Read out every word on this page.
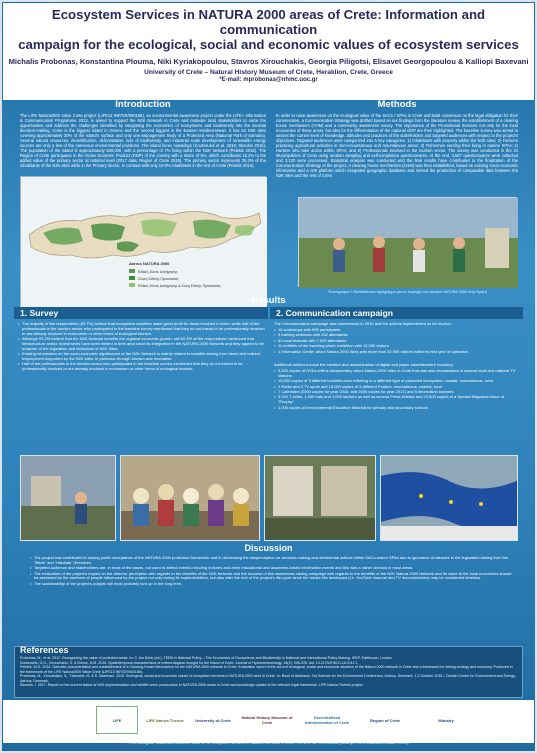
Ecosystem Services in NATURA 2000 areas of Crete: Information and communication
campaign for the ecological, social and economic values of ecosystem services
Michalis Probonas, Konstantina Plouma, Niki Kyriakopoulou, Stavros Xirouchakis, Georgia Piligotsi, Elisavet Georgopoulou & Kalliopi Baxevani
University of Crete – Natural History Museum of Crete, Heraklion, Crete, Greece
*E-mail: mprobonas@nhmc.uoc.gr
Introduction
The LIFE Natura2000 Value Crete project (LIFE13 INF/GR/000188), an environmental awareness project under the LIFE+ Information & Communication Programme 2013, is aimed to support the N2K Network in Crete and motivate local stakeholders to seize the opportunities and address the challenges identified by integrating the economics of ecosystems and biodiversity into the societal decision-making. Crete is the biggest island in Greece and the second biggest in the Eastern Mediterranean. It has 53 N2K sites covering approximately 30% of the island's surface and only one Management Body of a Protected Area (National Park of Samaria). Several natural resources, desertification, deforestation, loss of biodiversity, and industrial scale development of renewable energy sources are only a few of the numerous environmental problems. The island faces nowadays (Koutsoukis et al. 2016; Skoulos 2015). The population of the island is approximately 630,000, with a percentage of 7% living within the N2K Network (Pelekis 2016). The Region of Crete participates in the Gross Domestic Product (GDP) of the country with a share of 5%, which contributes 15.2% to the added value of the primary sector at national level (2017 data; Region of Crete 2015). The primary sector represents 35.2% of the inhabitants of the N2K sites while in the Primary Sector, in contrast with only 10.8% inhabitants in the rest of Crete (Pelekis 2016).
Δίκτυο NATURA 2000
Ειδικές Ζώνες Διατήρησης
Ζώνες Ειδικής Προστασίας
Ειδικές Ζώνες Διατήρησης & Ζώνη Ειδικής Προστασίας
Methods
In order to raise awareness on the ecological value of the SACs / SPAs in Crete and build consensus on the legal obligation for their conservation, a Communication Strategy was drafted based on our findings from the literature review, the establishment of a clearing house mechanism (CHM) and a community awareness survey. The importance of the Promotional Services not only for the local economies of these areas, but also for the differentiation of the national GDP are then highlighted. The baseline survey was aimed to assess the current level of knowledge, attitudes and practices of the stakeholders and targeted audiences with respect to the project's objectives. Targeted audiences were categorized into 5 key categories: 1) Inhabitants with property within the N2K sites; 2) Farmers practicing agricultural activities in semi-mountainous and mountainous areas; 3) Fishermen earning their living in marine SPAs; 4) Hunters who take action within SPAs; and 5) Professionals involved in the tourism sector. The survey was conducted in the 24 Municipalities of Crete using random sampling and self-completion questionnaires. At the end, 3,587 questionnaires were collected and 3,120 were processed. Statistical analysis was conducted and the final results have contributed to the finalization of the Communication Strategy of the project. A clearing house mechanism (CHM) was then established, based on existing socio-economic information and a GIS platform which integrated geographic database and served the production of comparable data between the N2K sites and the rest of Crete.
Φωτογραφία 1: Εκπαιδευτικό πρόγραμμα για τις περιοχές του Δικτύου NATURA 2000 στην Κρήτη
Results
1. Survey
• The majority of the respondents (83.7%) believe that ecosystem activities make great profit for those involved in them, while half of the professionals in the tourism sector who participated in the baseline survey mentioned that they do not intend to be professionally involved or are already involved in ecotourism or other forms of ecological tourism.
• Although 93.3% believe that the N2K Network benefits the regional economic growth, still 60.3% of the respondents mentioned that infrastructure and/or investments have been limited in their area since its integration in the NATURA 2000 Network and they appear to be unaware of the legislation and limitations of N2K Sites.
• Existing information on the socio-economic significance of the N2K Network is mainly related to benefits arising from direct and indirect employment supported by the N2K sites, in particular through tourism and recreation.
• Half of the professionals in the tourism sector who participated in the baseline survey mentioned that they do not intend to be professionally involved or are already involved in ecotourism or other forms of ecological tourism.
2. Communication campaign
The Communication campaign was commenced in 2015 and the actions implemented so far involve:
• 18 workshops with 995 participants
• 5 training seminars with 252 attendants
• 53 local festivals with 7,000 attendants
• 10 exhibits of the traveling photo exhibition with 12,000 visitors
• 1 Information Center about Natura 2000 Sites with more than 30,000 visitors within its first year of operation
Additional actions involve the creation and dissemination of digital and paper advertisement including:
• 3,000 copies of DVDs with a documentary about Natura 2000 sites in Crete that was also broadcasted in several local and national TV stations
• 10,000 copies of 3 different booklets each referring to a different type of protected ecosystem: coastal, mountainous, rural
• 2 Radio and 3 TV spots and 15,000 copies of 3 different Posters: mountainous, coastal, rural
• 7 Calendars (2000 copies for year 2016, and 2000 copies for year 2017) and 5 information banners
• 3,000 T-shirts, 1,000 hats and 1,000 stickers as well as several Press Articles and 23,500 copies of a Special Magazine Issue of "Ekopsy"
• 1,000 copies of Environmental Education Material for primary and secondary schools
Discussion
• The project has contributed in raising public acceptance of the NATURA 2000 protection framework and in decreasing the misperception on decision-making and detrimental actions within SACs and/or SPAs due to ignorance of fallacies in the legislation arising from the "Birds" and "Habitats" Directives.
• Targeted audience and stakeholders are, in most of the cases, not used to attend events including lectures and other educational and academic-based information events and this was a rather obvious in most areas.
• The evaluation of the project's impact on the citizens' perception with regards to the benefits of the N2K Network and the success of this awareness raising campaign with regards to the benefits of the N2K Natura 2000 Network and its value to the local economies should be assessed by the numbers of people influenced by the project not only during its implementation, but also after the end of the project's life-cycle since the media kits developed (i.e. YouTube channel and TV documentaries) may be considered timeless.
• The sustainability of the project's outputs will most probably turn up in the long term.
References
Probonas, M., et al. 2017. Recognizing the value of protected areas. In: C. ten Brink (ed.), TEEB in National Policy – The Economics of Ecosystems and Biodiversity in National and International Policy Making. IEEP, Earthscan, London.
Koutsoukis, G.G., Xirouchakis, S. & Dimos, D.M. 2016. Spatiotemporal characteristics of meteorological drought for the Island of Crete. Journal of Hydrometeorology, 18(2), 206-226. doi: 10.1175/JHM-D-16-0112.1
Pelekis, M.G. 2016. Scientific documentation and establishment of a Clearing-House Mechanism for the NATURA 2000 network in Crete. Evaluation report of the current ecological, social and economic situation of the Natura 2000 network in Crete and a framework for linking ecology and economy. Produced in the framework of the LIFE Natura2000 Value Crete (LIFE13 INF/GR/000188).
Probonas, M., Xirouchakis, S., Tzatzakis, M. & K. Baxevani. 2015. Ecological, social and economic values of ecosystem services in NATURA 2000 sites in Crete. In: Book of Abstracts: 3rd Science for the Environment Conference, Aarhus, Denmark, 1-2 October 2015 – Danish Centre for Environment and Energy, Aarhus, Denmark.
Skoulos, I. 2017. Report on the current status of N2K implementation and wildlife crime prosecution in NATURA 2000 areas in Crete and knowledge uptake of the relevant legal framework. LIFE Natura Themis project.
LIFE	LIFE Natura Themis	University of Crete	Natural History Museum of Crete
Decentralised Administration of Crete	Region of Crete	Ministry
«The ecological, social and economic value of the ecosystem services in Natura 2000 sites in Crete – LIFE13 INF/GR/000188 (Acronym: LIFE-Natura2000Value Crete)»
